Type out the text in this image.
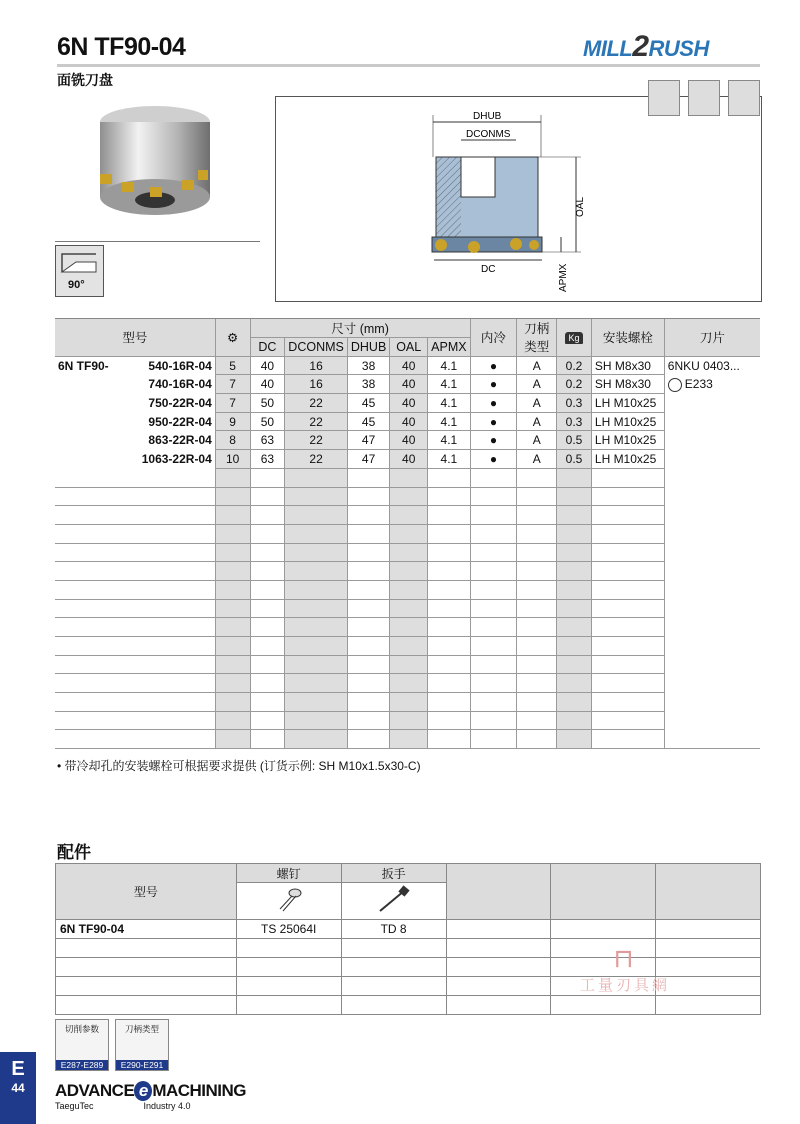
6N TF90-04
面铣刀盘
MILL2RUSH
90°
DHUB
DCONMS
DC
OAL
APMX
型号	⚙	尺寸 (mm)					内冷	刀柄
类型	Kg	安装螺栓	刀片
		DC	DCONMS	DHUB	OAL	APMX					

6N TF90- 540-16R-04	5	40	16	38	40	4.1	●	A	0.2	SH M8x30	6NKU 0403...
740-16R-04	7	40	16	38	40	4.1	●	A	0.2	SH M8x30	E233
750-22R-04	7	50	22	45	40	4.1	●	A	0.3	LH M10x25	
950-22R-04	9	50	22	45	40	4.1	●	A	0.3	LH M10x25	
863-22R-04	8	63	22	47	40	4.1	●	A	0.5	LH M10x25	
1063-22R-04	10	63	22	47	40	4.1	●	A	0.5	LH M10x25	

• 带冷却孔的安装螺栓可根据要求提供 (订货示例: SH M10x1.5x30-C)
配件
型号	螺钉	扳手			

6N TF90-04	TS 25064I	TD 8			

⊓
工量刃具網
切削参数
E287-E289
刀柄类型
E290-E291
E
44	ADVANCE e MACHINING
TaeguTec	Industry 4.0
